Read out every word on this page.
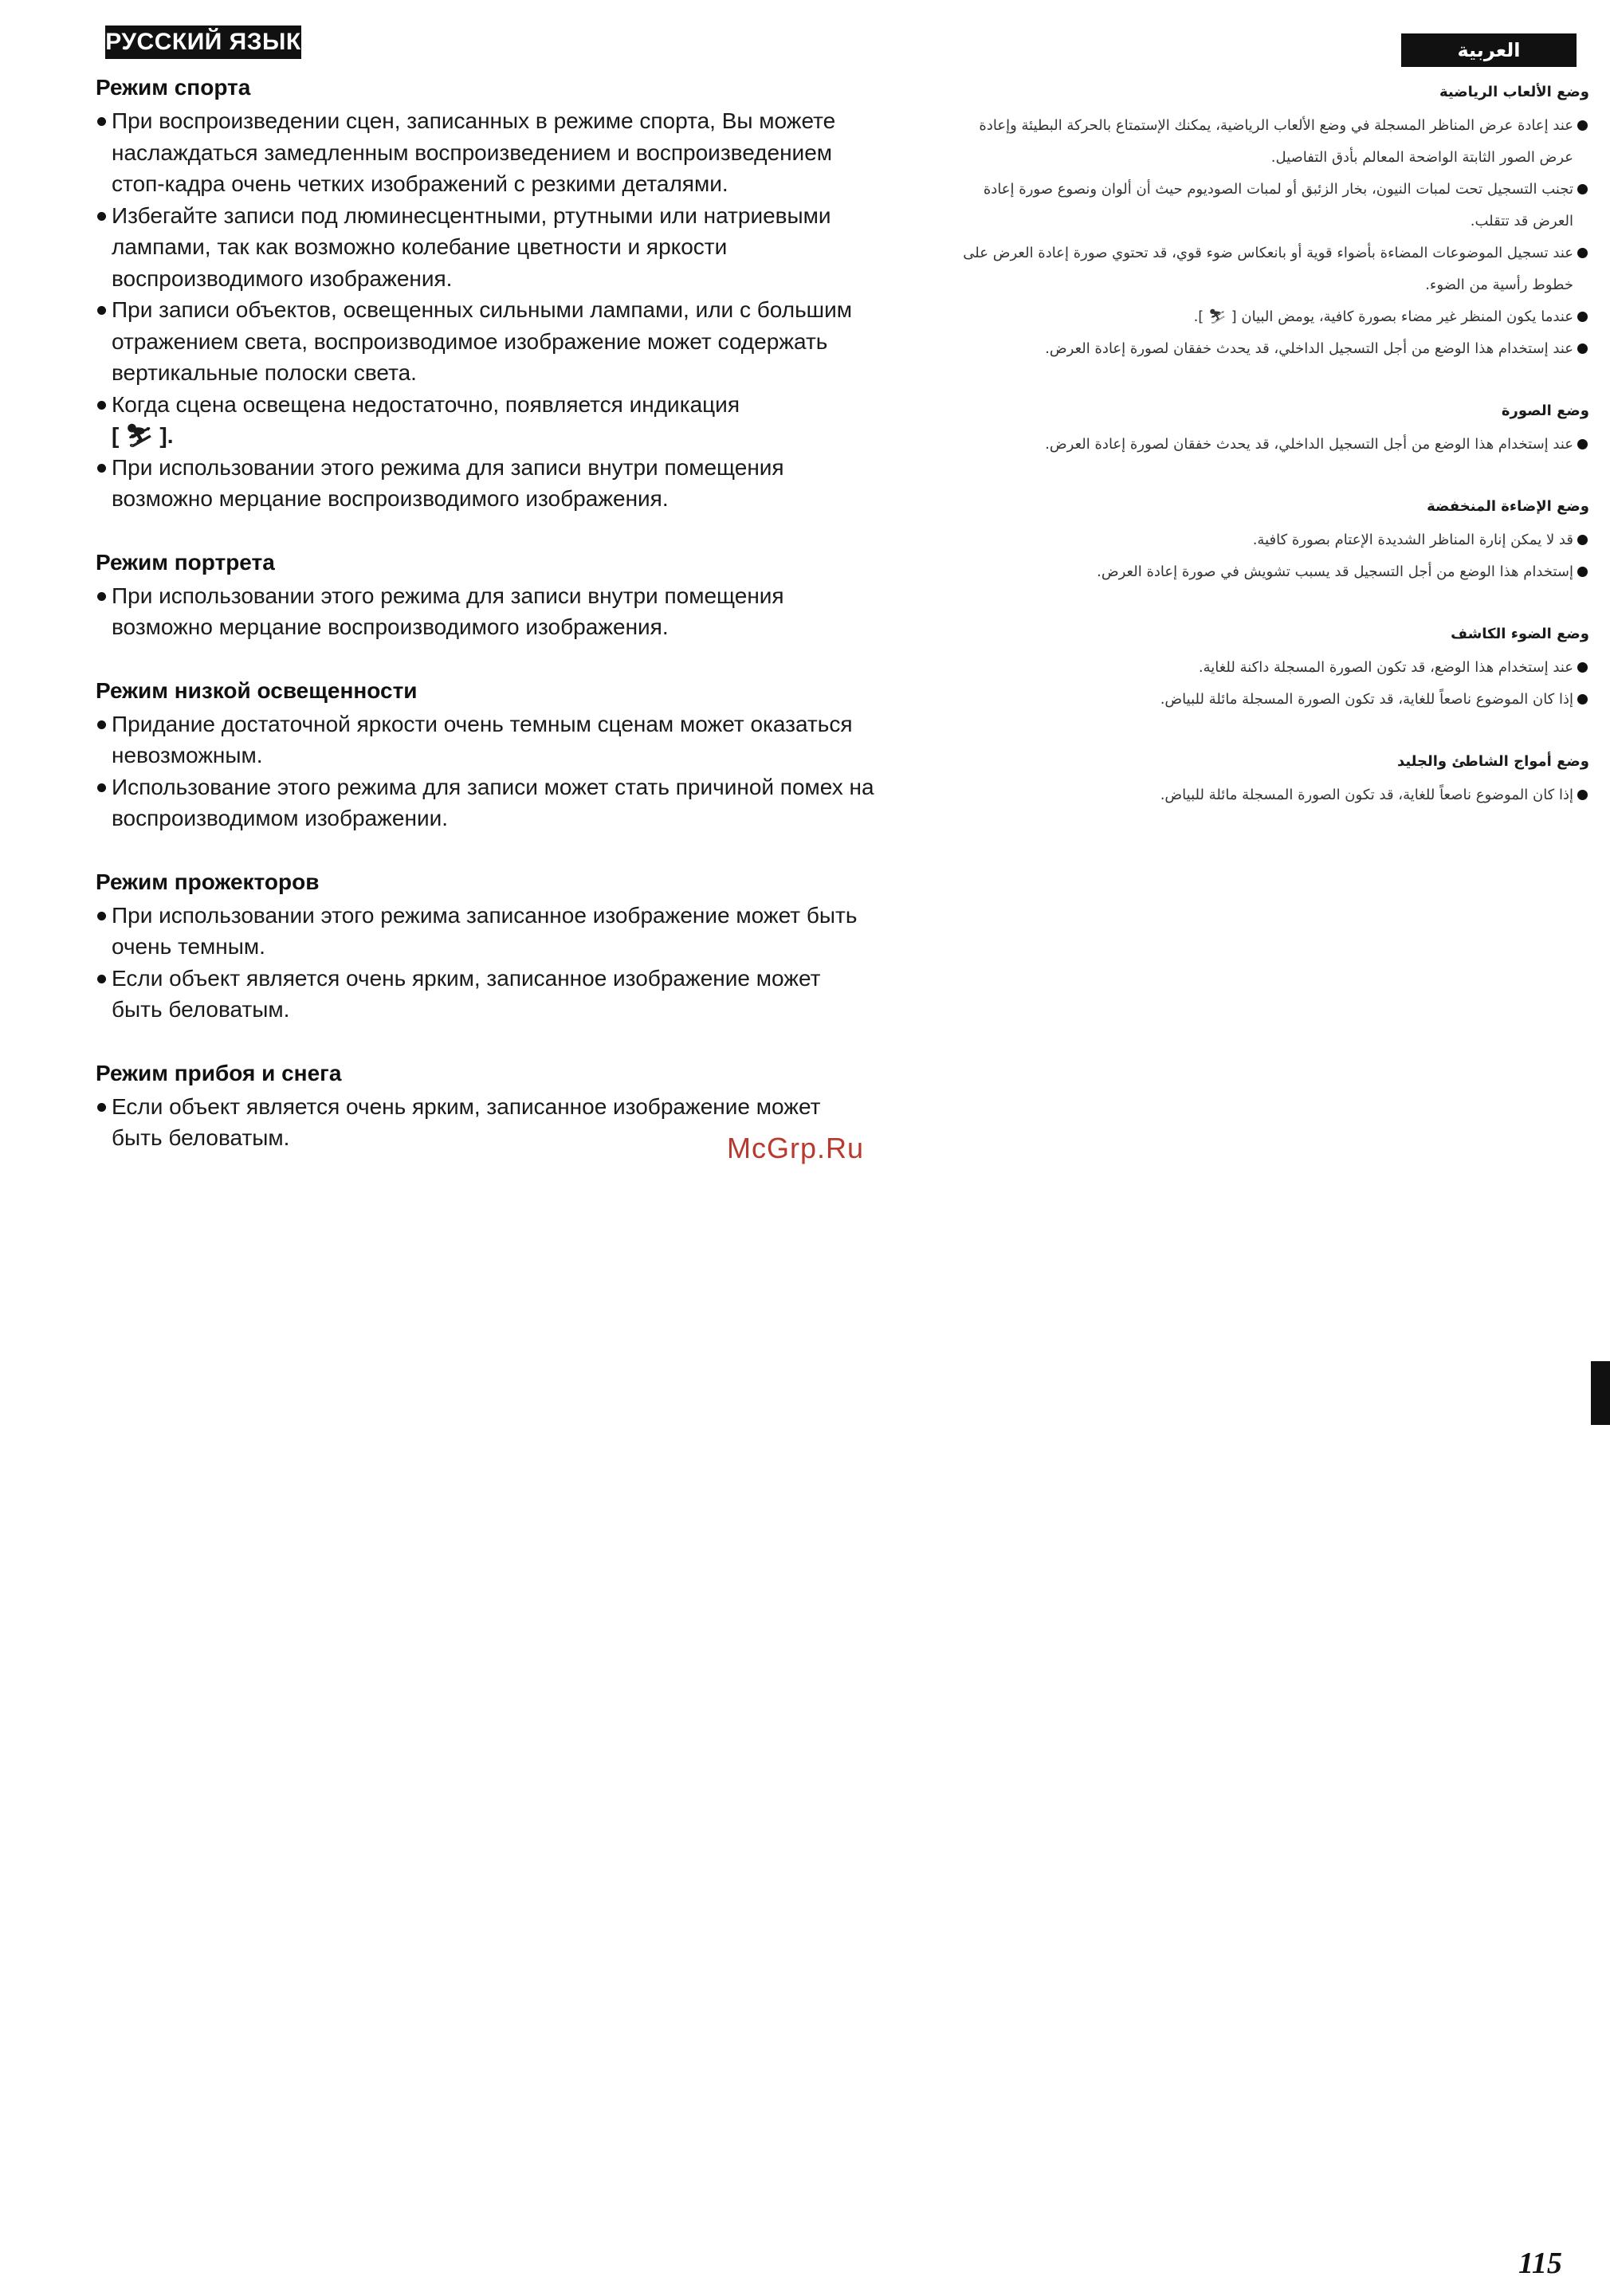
РУССКИЙ ЯЗЫК	العربية
Режим спорта
При воспроизведении сцен, записанных в режиме спорта, Вы можете наслаждаться замедленным воспроизведением и воспроизведением стоп-кадра очень четких изображений с резкими деталями.
Избегайте записи под люминесцентными, ртутными или натриевыми лампами, так как возможно колебание цветности и яркости воспроизводимого изображения.
При записи объектов, освещенных сильными лампами, или с большим отражением света, воспроизводимое изображение может содержать вертикальные полоски света.
Когда сцена освещена недостаточно, появляется индикация
[ ⛷ ].
При использовании этого режима для записи внутри помещения возможно мерцание воспроизводимого изображения.
Режим портрета
При использовании этого режима для записи внутри помещения возможно мерцание воспроизводимого изображения.
Режим низкой освещенности
Придание достаточной яркости очень темным сценам может оказаться невозможным.
Использование этого режима для записи может стать причиной помех на воспроизводимом изображении.
Режим прожекторов
При использовании этого режима записанное изображение может быть очень темным.
Если объект является очень ярким, записанное изображение может быть беловатым.
Режим прибоя и снега
Если объект является очень ярким, записанное изображение может быть беловатым.	McGrp.Ru
وضع الألعاب الرياضية
عند إعادة عرض المناظر المسجلة في وضع الألعاب الرياضية، يمكنك الإستمتاع بالحركة البطيئة وإعادة عرض الصور الثابتة الواضحة المعالم بأدق التفاصيل.
تجنب التسجيل تحت لمبات النيون، بخار الزئبق أو لمبات الصوديوم حيث أن ألوان ونصوع صورة إعادة العرض قد تتقلب.
عند تسجيل الموضوعات المضاءة بأضواء قوية أو بانعكاس ضوء قوي، قد تحتوي صورة إعادة العرض على خطوط رأسية من الضوء.
عندما يكون المنظر غير مضاء بصورة كافية، يومض البيان [ ⛷ ].
عند إستخدام هذا الوضع من أجل التسجيل الداخلي، قد يحدث خفقان لصورة إعادة العرض.
وضع الصورة
عند إستخدام هذا الوضع من أجل التسجيل الداخلي، قد يحدث خفقان لصورة إعادة العرض.
وضع الإضاءة المنخفضة
قد لا يمكن إنارة المناظر الشديدة الإعتام بصورة كافية.
إستخدام هذا الوضع من أجل التسجيل قد يسبب تشويش في صورة إعادة العرض.
وضع الضوء الكاشف
عند إستخدام هذا الوضع، قد تكون الصورة المسجلة داكنة للغاية.
إذا كان الموضوع ناصعاً للغاية، قد تكون الصورة المسجلة مائلة للبياض.
وضع أمواج الشاطئ والجليد
إذا كان الموضوع ناصعاً للغاية، قد تكون الصورة المسجلة مائلة للبياض.
115
